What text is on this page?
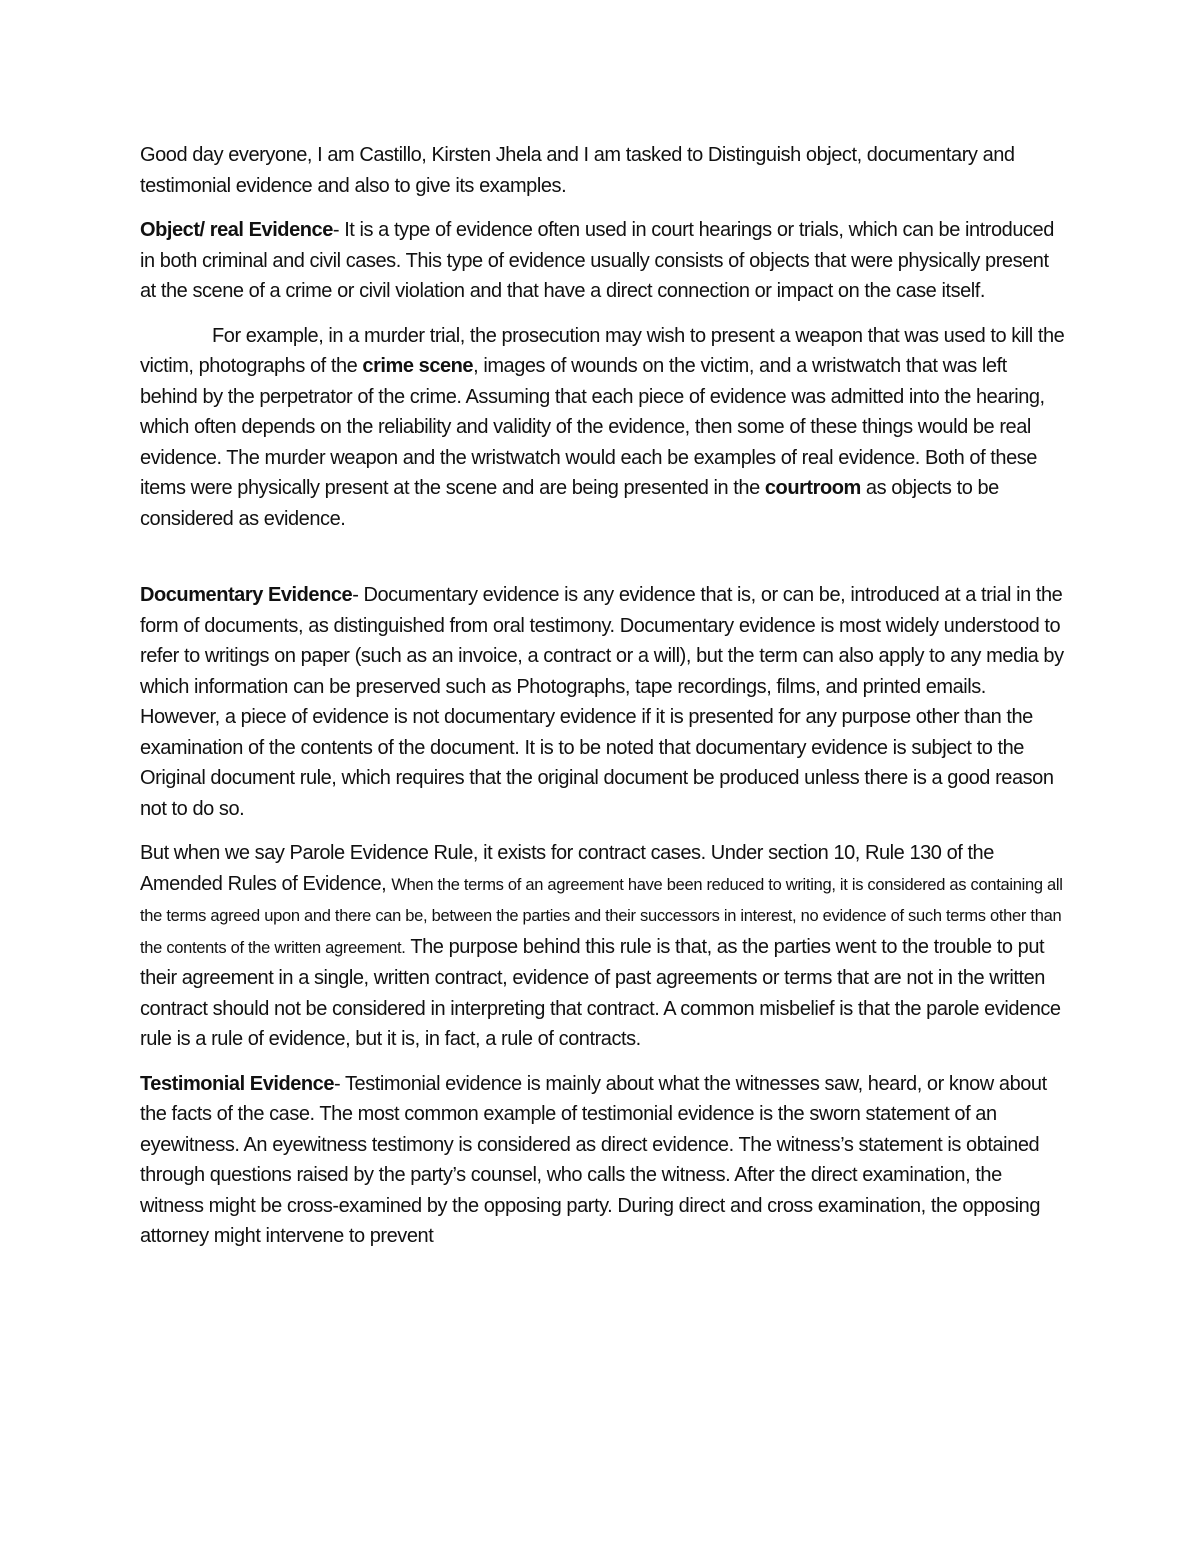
Good day everyone, I am Castillo, Kirsten Jhela and I am tasked to Distinguish object, documentary and testimonial evidence and also to give its examples.

Object/ real Evidence- It is a type of evidence often used in court hearings or trials, which can be introduced in both criminal and civil cases. This type of evidence usually consists of objects that were physically present at the scene of a crime or civil violation and that have a direct connection or impact on the case itself.

For example, in a murder trial, the prosecution may wish to present a weapon that was used to kill the victim, photographs of the crime scene, images of wounds on the victim, and a wristwatch that was left behind by the perpetrator of the crime. Assuming that each piece of evidence was admitted into the hearing, which often depends on the reliability and validity of the evidence, then some of these things would be real evidence. The murder weapon and the wristwatch would each be examples of real evidence. Both of these items were physically present at the scene and are being presented in the courtroom as objects to be considered as evidence.

Documentary Evidence- Documentary evidence is any evidence that is, or can be, introduced at a trial in the form of documents, as distinguished from oral testimony. Documentary evidence is most widely understood to refer to writings on paper (such as an invoice, a contract or a will), but the term can also apply to any media by which information can be preserved such as Photographs, tape recordings, films, and printed emails. However, a piece of evidence is not documentary evidence if it is presented for any purpose other than the examination of the contents of the document. It is to be noted that documentary evidence is subject to the Original document rule, which requires that the original document be produced unless there is a good reason not to do so.

But when we say Parole Evidence Rule, it exists for contract cases. Under section 10, Rule 130 of the Amended Rules of Evidence, When the terms of an agreement have been reduced to writing, it is considered as containing all the terms agreed upon and there can be, between the parties and their successors in interest, no evidence of such terms other than the contents of the written agreement. The purpose behind this rule is that, as the parties went to the trouble to put their agreement in a single, written contract, evidence of past agreements or terms that are not in the written contract should not be considered in interpreting that contract. A common misbelief is that the parole evidence rule is a rule of evidence, but it is, in fact, a rule of contracts.

Testimonial Evidence- Testimonial evidence is mainly about what the witnesses saw, heard, or know about the facts of the case. The most common example of testimonial evidence is the sworn statement of an eyewitness. An eyewitness testimony is considered as direct evidence. The witness’s statement is obtained through questions raised by the party’s counsel, who calls the witness. After the direct examination, the witness might be cross-examined by the opposing party. During direct and cross examination, the opposing attorney might intervene to prevent
